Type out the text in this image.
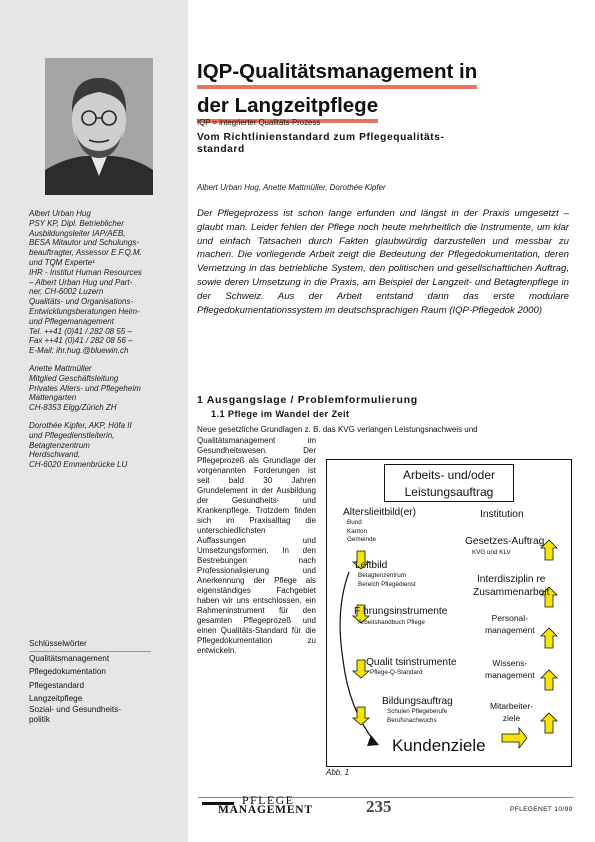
Albert Urban Hug
PSY KP, Dipl. Betrieblicher
Ausbildungsleiter IAP/AEB,
BESA Mitautor und Schulungs-
beauftragter, Assessor E.F.Q.M.
und TQM Experte¹
IHR - Institut Human Resources
– Albert Urban Hug und Part-
ner, CH-6002 Luzern
Qualitäts- und Organisations-
Entwicklungsberatungen Heim-
und Pflegemanagement
Tel. ++41 (0)41 / 282 08 55 –
Fax ++41 (0)41 / 282 08 56 –
E-Mail: ihr.hug.@bluewin.ch

Anette Mattmüller
Mitglied Geschäftsleitung
Privates Alters- und Pflegeheim
Mattengarten
CH-8353 Elgg/Zürich ZH

Dorothée Kipfer, AKP, Höfa II
und Pflegedienstleiterin,
Betagtenzentrum
Herdschwand,
CH-6020 Emmenbrücke LU

Schlüsselwörter
Qualitätsmanagement
Pflegedokumentation
Pflegestandard
Langzeitpflege
Sozial- und Gesundheits-
politik
IQP-Qualitätsmanagement in
der Langzeitpflege
IQP = integrierter Qualitäts-Prozess
Vom Richtlinienstandard zum Pflegequalitäts-
standard
Albert Urban Hug, Anette Mattmüller, Dorothée Kipfer

Der Pflegeprozess ist schon lange erfunden und längst in der Praxis umgesetzt – glaubt man. Leider fehlen der Pflege noch heute mehrheitlich die Instrumente, um klar und einfach Tatsachen durch Fakten glaubwürdig darzustellen und messbar zu machen. Die vorliegende Arbeit zeigt die Bedeutung der Pflegedokumentation, deren Vernetzung in das betriebliche System, den politischen und gesellschaftlichen Auftrag, sowie deren Umsetzung in die Praxis, am Beispiel der Langzeit- und Betagtenpflege in der Schweiz. Aus der Arbeit entstand dann das erste modulare Pflegedokumentationssystem im deutschsprachigen Raum (IQP-Pflegedok 2000)

1 Ausgangslage / Problemformulierung
1.1 Pflege im Wandel der Zeit

Neue gesetzliche Grundlagen z. B. das KVG verlangen Leistungsnachweis und

Qualitätsmanagement im Gesundheitswesen. Der Pflegeprozeß als Grundlage der vorgenannten Forderungen ist seit bald 30 Jahren Grundelement in der Ausbildung der Gesundheits- und Krankenpflege. Trotzdem finden sich im Praxisalltag die unterschiedlichsten Auffassungen und Umsetzungsformen. In den Bestrebungen nach Professionalisierung und Anerkennung der Pflege als eigenständiges Fachgebiet haben wir uns entschlossen, ein Rahmeninstrument für den gesamten Pflegeprozeß und einen Qualitäts-Standard für die Pflegedokumentation zu entwickeln.

Arbeits- und/oder
Leistungsauftrag
Alterslieitbild(er)
Bund
Kanton
Gemeinde
Leitbild
Betagtenzentrum
Bereich Pflegedienst
F hrungsinstrumente
Arbeitshandbuch Pflege
Qualit tsinstrumente
Pflege-Q-Standard
Bildungsauftrag
Schulen Pflegeberufe
Berufsnachwuchs
Institution
Gesetzes-Auftrag
KVG und KLV
Interdisziplin re
Zusammenarbeit
Personal-
management
Wissens-
management
Mitarbeiter-
ziele
Kundenziele
Abb. 1
PFLEGE
MANAGEMENT	235	PFLEGENET 10/99
